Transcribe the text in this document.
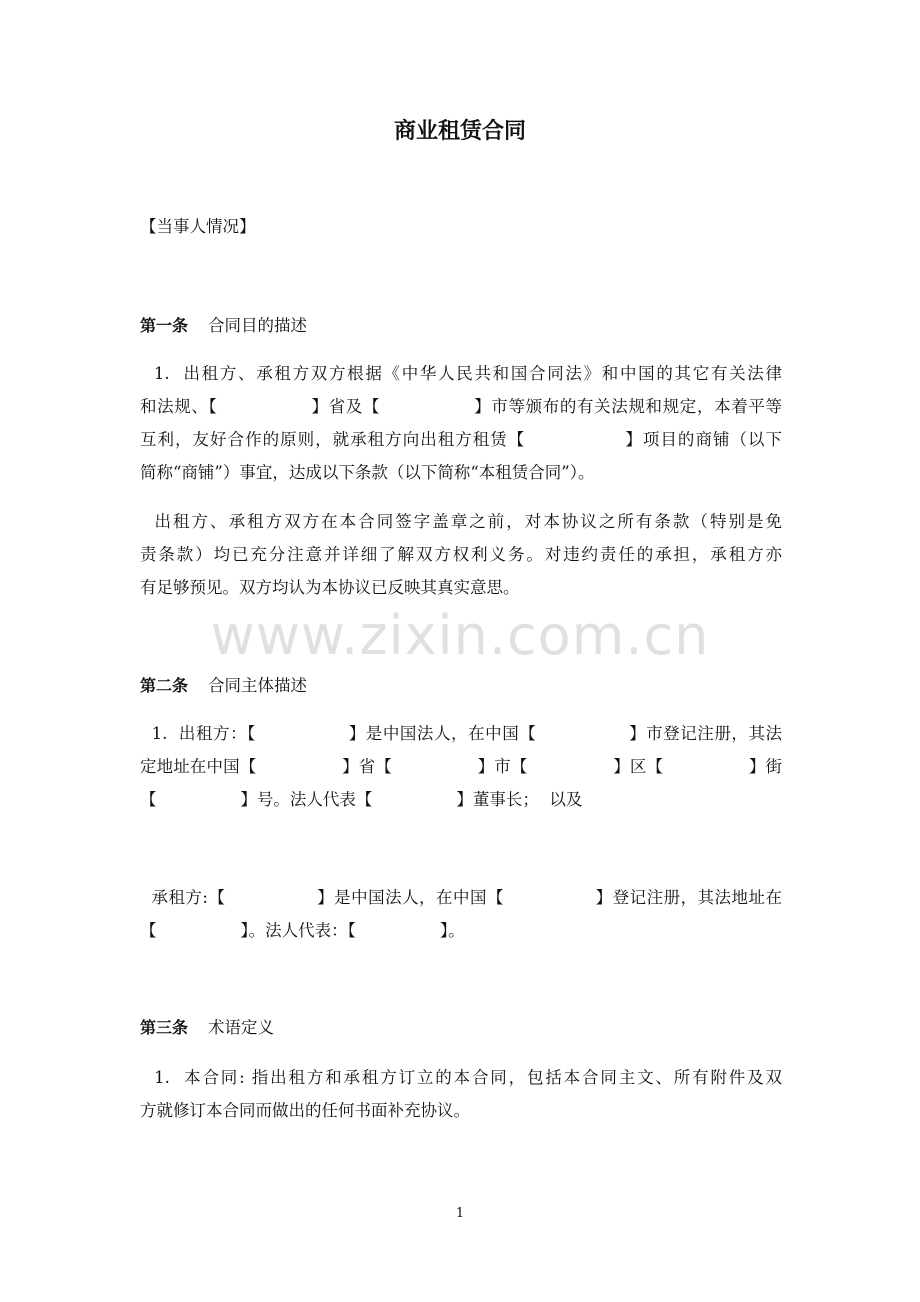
商业租赁合同
【当事人情况】
第一条 合同目的描述
1.  出租方、承租方双方根据《中华人民共和国合同法》和中国的其它有关法律
和法规、【                】省及【                】市等颁布的有关法规和规定，本着平等
互利，友好合作的原则，就承租方向出租方租赁【                】项目的商铺（以下
简称“商铺”）事宜，达成以下条款（以下简称“本租赁合同”）。
出租方、承租方双方在本合同签字盖章之前，对本协议之所有条款（特别是免
责条款）均已充分注意并详细了解双方权利义务。对违约责任的承担，承租方亦
有足够预见。双方均认为本协议已反映其真实意思。
www.zixin.com.cn
第二条 合同主体描述
1.  出租方：【                】是中国法人，在中国【                】市登记注册，其法
定地址在中国【                】省【                】市【                】区【                】街
【                】号。法人代表【                】董事长；  以及
承租方:【                】是中国法人，在中国【                】登记注册，其法地址在
【                】。法人代表：【                】。
第三条 术语定义
1.  本合同: 指出租方和承租方订立的本合同，包括本合同主文、所有附件及双
方就修订本合同而做出的任何书面补充协议。
1
